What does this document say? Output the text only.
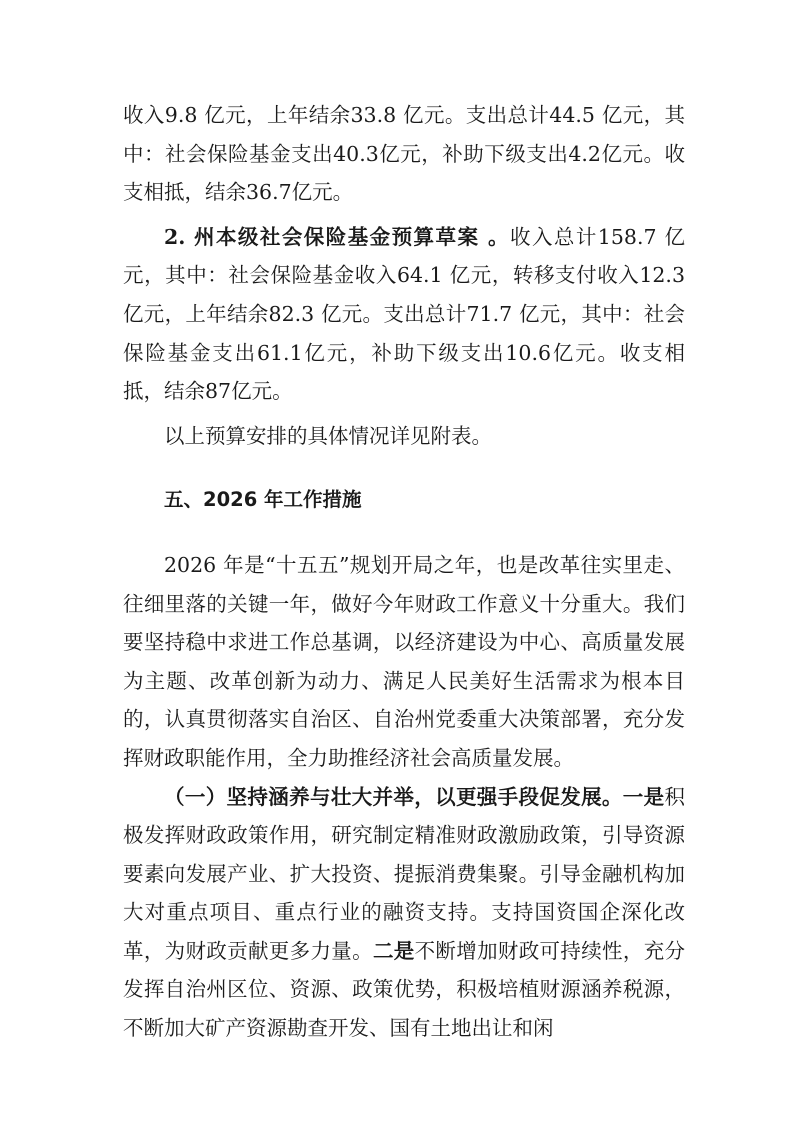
收入9.8 亿元，上年结余33.8 亿元。支出总计44.5 亿元，其中：社会保险基金支出40.3亿元，补助下级支出4.2亿元。收支相抵，结余36.7亿元。

2. 州本级社会保险基金预算草案 。收入总计158.7 亿元，其中：社会保险基金收入64.1 亿元，转移支付收入12.3亿元，上年结余82.3 亿元。支出总计71.7 亿元，其中：社会保险基金支出61.1亿元，补助下级支出10.6亿元。收支相抵，结余87亿元。

以上预算安排的具体情况详见附表。

五、2026 年工作措施

2026 年是“十五五”规划开局之年，也是改革往实里走、往细里落的关键一年，做好今年财政工作意义十分重大。我们要坚持稳中求进工作总基调，以经济建设为中心、高质量发展为主题、改革创新为动力、满足人民美好生活需求为根本目的，认真贯彻落实自治区、自治州党委重大决策部署，充分发挥财政职能作用，全力助推经济社会高质量发展。

（一）坚持涵养与壮大并举，以更强手段促发展。一是积极发挥财政政策作用，研究制定精准财政激励政策，引导资源要素向发展产业、扩大投资、提振消费集聚。引导金融机构加大对重点项目、重点行业的融资支持。支持国资国企深化改革，为财政贡献更多力量。二是不断增加财政可持续性，充分发挥自治州区位、资源、政策优势，积极培植财源涵养税源，不断加大矿产资源勘查开发、国有土地出让和闲
